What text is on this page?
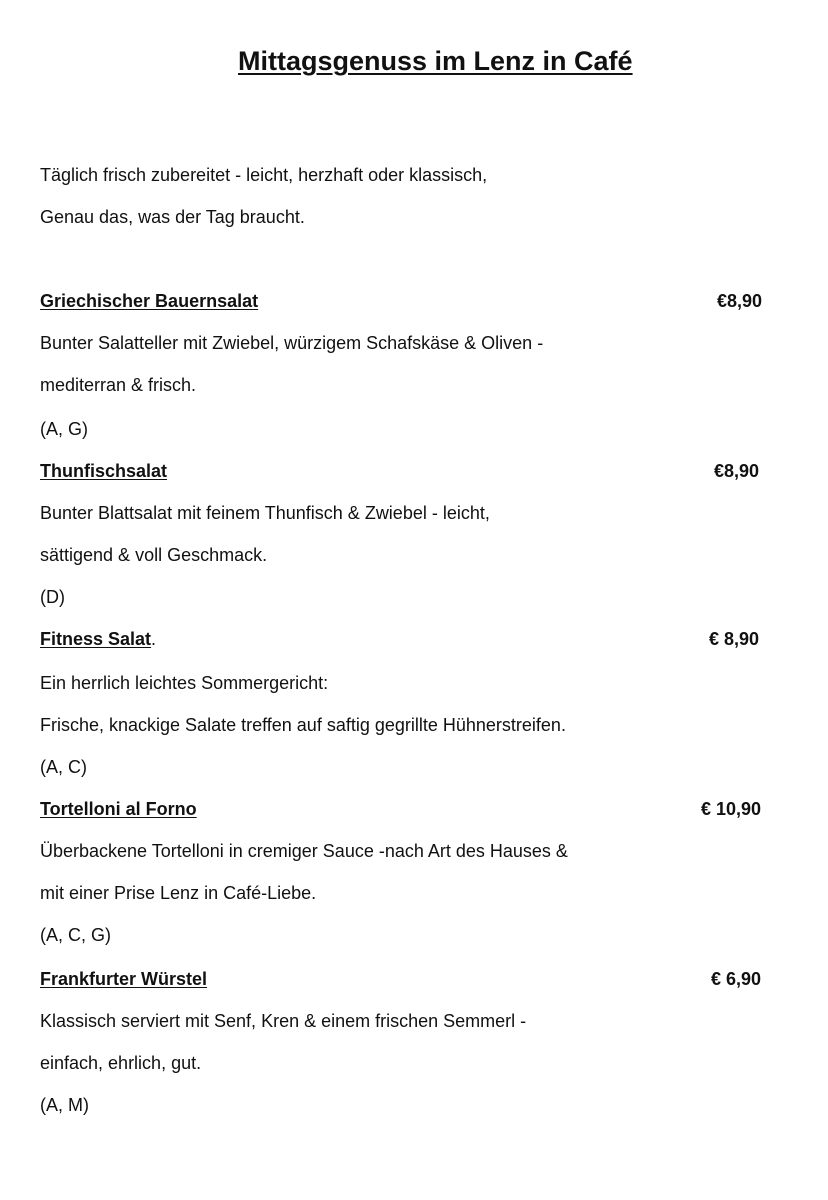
Mittagsgenuss im Lenz in Café
Täglich frisch zubereitet - leicht, herzhaft oder klassisch,
Genau das, was der Tag braucht.
Griechischer Bauernsalat	€8,90
Bunter Salatteller mit Zwiebel, würzigem Schafskäse & Oliven -
mediterran & frisch.
(A, G)
Thunfischsalat	€8,90
Bunter Blattsalat mit feinem Thunfisch & Zwiebel - leicht,
sättigend & voll Geschmack.
(D)
Fitness Salat.	€ 8,90
Ein herrlich leichtes Sommergericht:
Frische, knackige Salate treffen auf saftig gegrillte Hühnerstreifen.
(A, C)
Tortelloni al Forno	€ 10,90
Überbackene Tortelloni in cremiger Sauce -nach Art des Hauses &
mit einer Prise Lenz in Café-Liebe.
(A, C, G)
Frankfurter Würstel	€ 6,90
Klassisch serviert mit Senf, Kren & einem frischen Semmerl -
einfach, ehrlich, gut.
(A, M)
